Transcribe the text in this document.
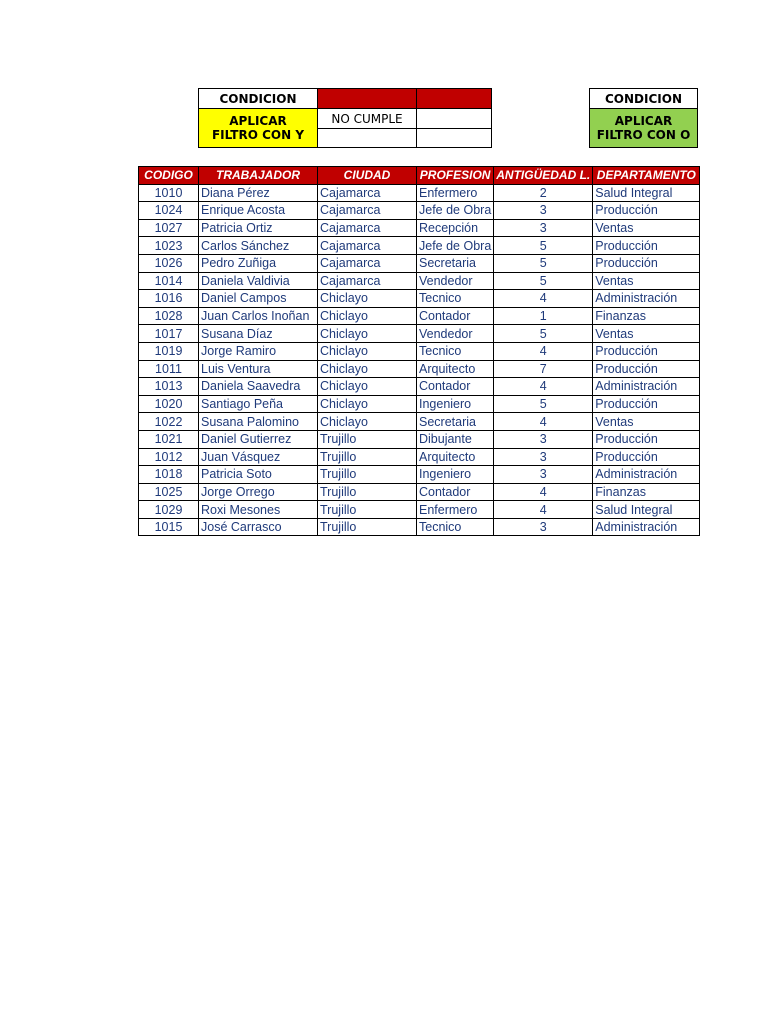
CONDICION
APLICAR FILTRO CON Y
NO CUMPLE
CONDICION
APLICAR FILTRO CON O
CODIGO	TRABAJADOR	CIUDAD	PROFESION	ANTIGÜEDAD L.	DEPARTAMENTO
1010	Diana Pérez	Cajamarca	Enfermero	2	Salud Integral
1024	Enrique Acosta	Cajamarca	Jefe de Obra	3	Producción
1027	Patricia Ortiz	Cajamarca	Recepción	3	Ventas
1023	Carlos Sánchez	Cajamarca	Jefe de Obra	5	Producción
1026	Pedro Zuñiga	Cajamarca	Secretaria	5	Producción
1014	Daniela Valdivia	Cajamarca	Vendedor	5	Ventas
1016	Daniel Campos	Chiclayo	Tecnico	4	Administración
1028	Juan Carlos Inoñan	Chiclayo	Contador	1	Finanzas
1017	Susana Díaz	Chiclayo	Vendedor	5	Ventas
1019	Jorge Ramiro	Chiclayo	Tecnico	4	Producción
1011	Luis Ventura	Chiclayo	Arquitecto	7	Producción
1013	Daniela Saavedra	Chiclayo	Contador	4	Administración
1020	Santiago Peña	Chiclayo	Ingeniero	5	Producción
1022	Susana Palomino	Chiclayo	Secretaria	4	Ventas
1021	Daniel Gutierrez	Trujillo	Dibujante	3	Producción
1012	Juan Vásquez	Trujillo	Arquitecto	3	Producción
1018	Patricia Soto	Trujillo	Ingeniero	3	Administración
1025	Jorge Orrego	Trujillo	Contador	4	Finanzas
1029	Roxi Mesones	Trujillo	Enfermero	4	Salud Integral
1015	José Carrasco	Trujillo	Tecnico	3	Administración
